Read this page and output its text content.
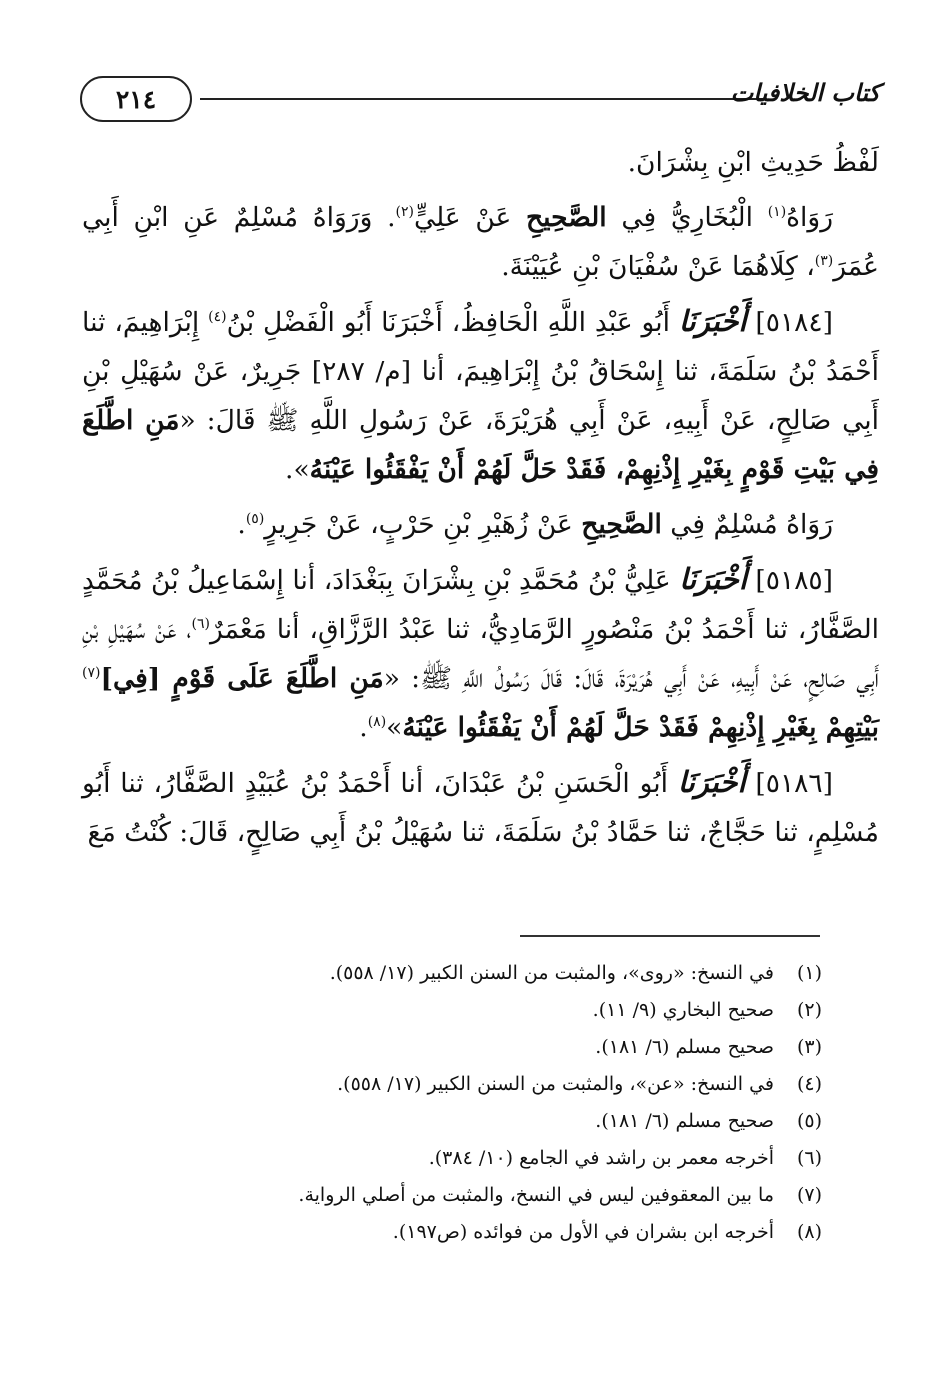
٢١٤	كتاب الخلافيات

لَفْظُ حَدِيثِ ابْنِ بِشْرَانَ.

رَوَاهُ$^{(١)}$ الْبُخَارِيُّ فِي الصَّحِيحِ عَنْ عَلِيٍّ$^{(٢)}$. وَرَوَاهُ مُسْلِمٌ عَنِ ابْنِ أَبِي عُمَرَ$^{(٣)}$، كِلَاهُمَا عَنْ سُفْيَانَ بْنِ عُيَيْنَةَ.

[٥١٨٤] أَخْبَرَنَا أَبُو عَبْدِ اللَّهِ الْحَافِظُ، أَخْبَرَنَا أَبُو الْفَضْلِ بْنُ$^{(٤)}$ إِبْرَاهِيمَ، ثنا أَحْمَدُ بْنُ سَلَمَةَ، ثنا إِسْحَاقُ بْنُ إِبْرَاهِيمَ، أنا [م/ ٢٨٧] جَرِيرٌ، عَنْ سُهَيْلِ بْنِ أَبِي صَالِحٍ، عَنْ أَبِيهِ، عَنْ أَبِي هُرَيْرَةَ، عَنْ رَسُولِ اللَّهِ ﷺ قَالَ: «مَنِ اطَّلَعَ فِي بَيْتِ قَوْمٍ بِغَيْرِ إِذْنِهِمْ، فَقَدْ حَلَّ لَهُمْ أَنْ يَفْقَئُوا عَيْنَهُ».

رَوَاهُ مُسْلِمٌ فِي الصَّحِيحِ عَنْ زُهَيْرِ بْنِ حَرْبٍ، عَنْ جَرِيرٍ$^{(٥)}$.

[٥١٨٥] أَخْبَرَنَا عَلِيُّ بْنُ مُحَمَّدِ بْنِ بِشْرَانَ بِبَغْدَادَ، أنا إِسْمَاعِيلُ بْنُ مُحَمَّدٍ الصَّفَّارُ، ثنا أَحْمَدُ بْنُ مَنْصُورٍ الرَّمَادِيُّ، ثنا عَبْدُ الرَّزَّاقِ، أنا مَعْمَرٌ$^{(٦)}$، عَنْ سُهَيْلِ بْنِ أَبِي صَالِحٍ، عَنْ أَبِيهِ، عَنْ أَبِي هُرَيْرَةَ، قَالَ: قَالَ رَسُولُ اللَّهِ ﷺ: «مَنِ اطَّلَعَ عَلَى قَوْمٍ [فِي]$^{(٧)}$ بَيْتِهِمْ بِغَيْرِ إِذْنِهِمْ فَقَدْ حَلَّ لَهُمْ أَنْ يَفْقَئُوا عَيْنَهُ»$^{(٨)}$.

[٥١٨٦] أَخْبَرَنَا أَبُو الْحَسَنِ بْنُ عَبْدَانَ، أنا أَحْمَدُ بْنُ عُبَيْدٍ الصَّفَّارُ، ثنا أَبُو مُسْلِمٍ، ثنا حَجَّاجٌ، ثنا حَمَّادُ بْنُ سَلَمَةَ، ثنا سُهَيْلُ بْنُ أَبِي صَالِحٍ، قَالَ: كُنْتُ مَعَ

(١)
في النسخ: «روى»، والمثبت من السنن الكبير (١٧/ ٥٥٨).
(٢)
صحيح البخاري (٩/ ١١).
(٣)
صحيح مسلم (٦/ ١٨١).
(٤)
في النسخ: «عن»، والمثبت من السنن الكبير (١٧/ ٥٥٨).
(٥)
صحيح مسلم (٦/ ١٨١).
(٦)
أخرجه معمر بن راشد في الجامع (١٠/ ٣٨٤).
(٧)
ما بين المعقوفين ليس في النسخ، والمثبت من أصلي الرواية.
(٨)
أخرجه ابن بشران في الأول من فوائده (ص١٩٧).
